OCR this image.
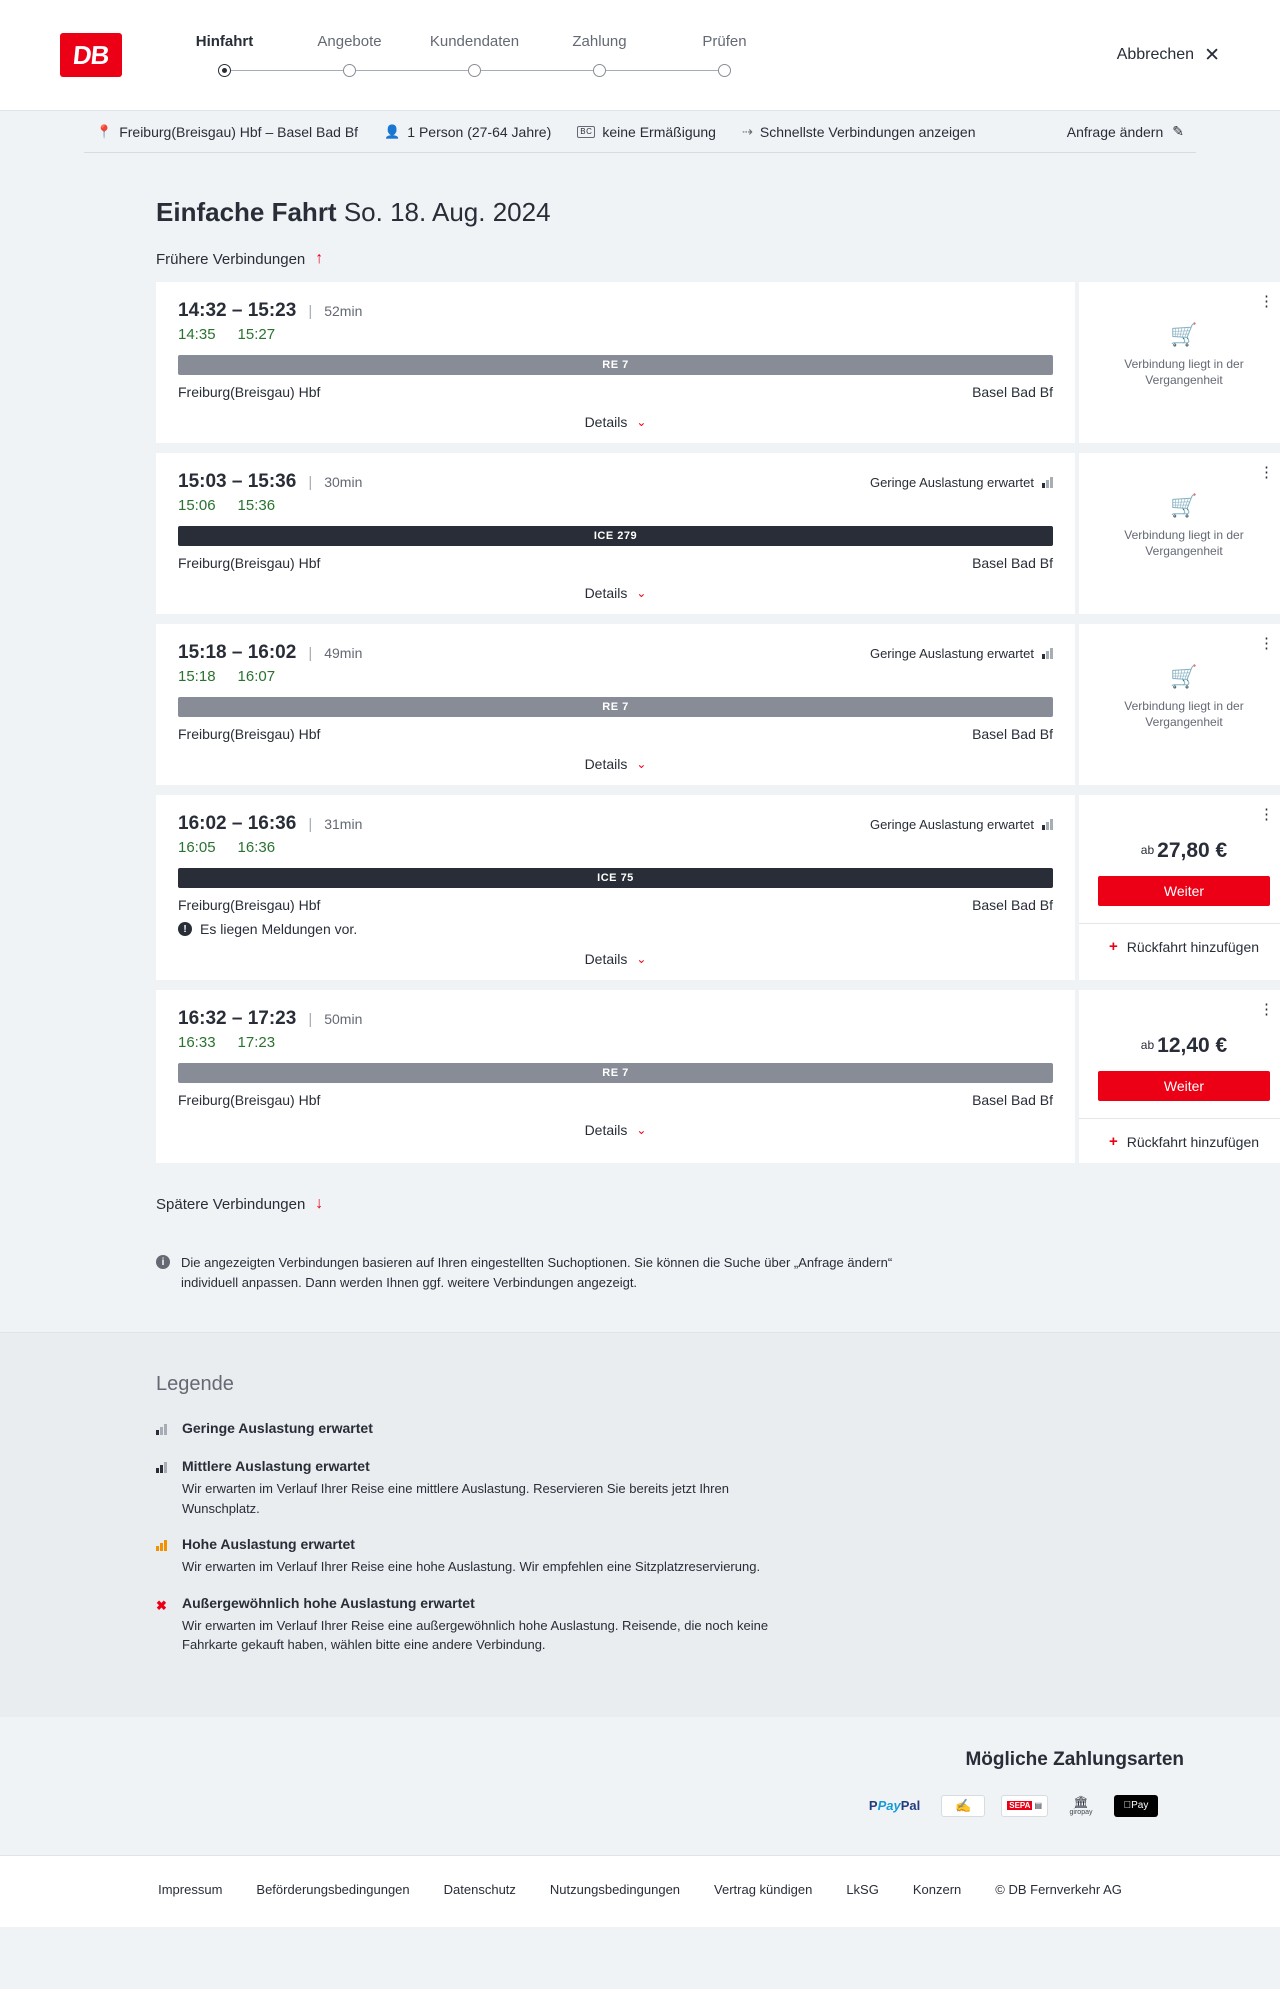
DB	Hinfahrt	Angebote	Kundendaten	Zahlung	Prüfen
Abbrechen ✕
📍 Freiburg(Breisgau) Hbf – Basel Bad Bf 👤 1 Person (27-64 Jahre)	BC keine Ermäßigung ⇢ Schnellste Verbindungen anzeigen	Anfrage ändern ✎
Einfache Fahrt So. 18. Aug. 2024
Frühere Verbindungen ↑
14:32 – 15:23 | 52min
14:35 15:27
RE 7
Freiburg(Breisgau) Hbf	Basel Bad Bf
Details ⌄
⋮
🛒
Verbindung liegt in der Vergangenheit
15:03 – 15:36 | 30min	Geringe Auslastung erwartet
15:06 15:36
ICE 279
Freiburg(Breisgau) Hbf	Basel Bad Bf
Details ⌄
⋮
🛒
Verbindung liegt in der Vergangenheit
15:18 – 16:02 | 49min	Geringe Auslastung erwartet
15:18 16:07
RE 7
Freiburg(Breisgau) Hbf	Basel Bad Bf
Details ⌄
⋮
🛒
Verbindung liegt in der Vergangenheit
16:02 – 16:36 | 31min	Geringe Auslastung erwartet
16:05 16:36
ICE 75
Freiburg(Breisgau) Hbf	Basel Bad Bf
! Es liegen Meldungen vor.
Details ⌄
⋮
ab 27,80 €
Weiter
+ Rückfahrt hinzufügen
16:32 – 17:23 | 50min
16:33 17:23
RE 7
Freiburg(Breisgau) Hbf	Basel Bad Bf
Details ⌄
⋮
ab 12,40 €
Weiter
+ Rückfahrt hinzufügen
Spätere Verbindungen ↓
i	Die angezeigten Verbindungen basieren auf Ihren eingestellten Suchoptionen. Sie können die Suche über „Anfrage ändern“ individuell anpassen. Dann werden Ihnen ggf. weitere Verbindungen angezeigt.
Legende
Geringe Auslastung erwartet
Mittlere Auslastung erwartet
Wir erwarten im Verlauf Ihrer Reise eine mittlere Auslastung. Reservieren Sie bereits jetzt Ihren Wunschplatz.
Hohe Auslastung erwartet
Wir erwarten im Verlauf Ihrer Reise eine hohe Auslastung. Wir empfehlen eine Sitzplatzreservierung.
✖ Außergewöhnlich hohe Auslastung erwartet
Wir erwarten im Verlauf Ihrer Reise eine außergewöhnlich hohe Auslastung. Reisende, die noch keine Fahrkarte gekauft haben, wählen bitte eine andere Verbindung.
Mögliche Zahlungsarten
P Pay Pal	✍	SEPA ▤	🏛
giropay
Pay
Impressum	Beförderungsbedingungen	Datenschutz	Nutzungsbedingungen	Vertrag kündigen	LkSG	Konzern	© DB Fernverkehr AG
